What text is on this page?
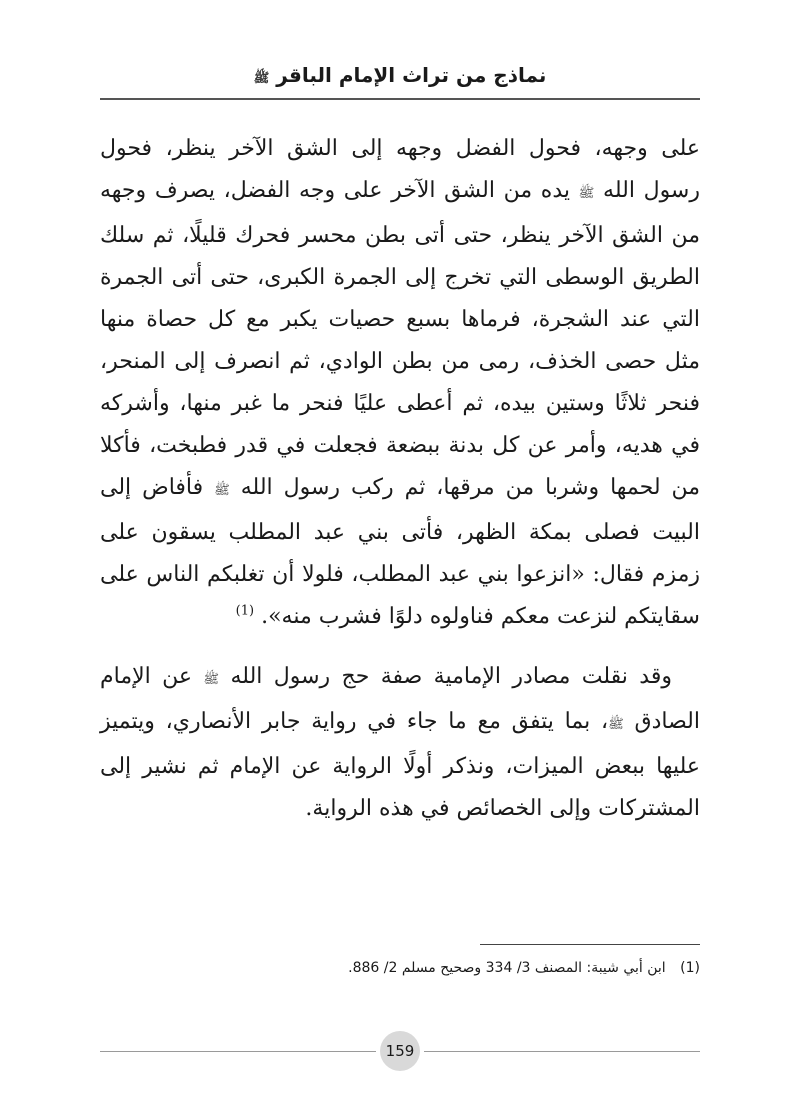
نماذج من تراث الإمام الباقر ﷺ

على وجهه، فحول الفضل وجهه إلى الشق الآخر ينظر، فحول رسول الله ﷺ يده من الشق الآخر على وجه الفضل، يصرف وجهه من الشق الآخر ينظر، حتى أتى بطن محسر فحرك قليلًا، ثم سلك الطريق الوسطى التي تخرج إلى الجمرة الكبرى، حتى أتى الجمرة التي عند الشجرة، فرماها بسبع حصيات يكبر مع كل حصاة منها مثل حصى الخذف، رمى من بطن الوادي، ثم انصرف إلى المنحر، فنحر ثلاثًا وستين بيده، ثم أعطى عليًا فنحر ما غبر منها، وأشركه في هديه، وأمر عن كل بدنة ببضعة فجعلت في قدر فطبخت، فأكلا من لحمها وشربا من مرقها، ثم ركب رسول الله ﷺ فأفاض إلى البيت فصلى بمكة الظهر، فأتى بني عبد المطلب يسقون على زمزم فقال: «انزعوا بني عبد المطلب، فلولا أن تغلبكم الناس على سقايتكم لنزعت معكم فناولوه دلوًا فشرب منه». $^{(1)}$

وقد نقلت مصادر الإمامية صفة حج رسول الله ﷺ عن الإمام الصادق ﷺ، بما يتفق مع ما جاء في رواية جابر الأنصاري، ويتميز عليها ببعض الميزات، ونذكر أولًا الرواية عن الإمام ثم نشير إلى المشتركات وإلى الخصائص في هذه الرواية.

(1) ابن أبي شيبة: المصنف 3/ 334 وصحيح مسلم 2/ 886.
159
